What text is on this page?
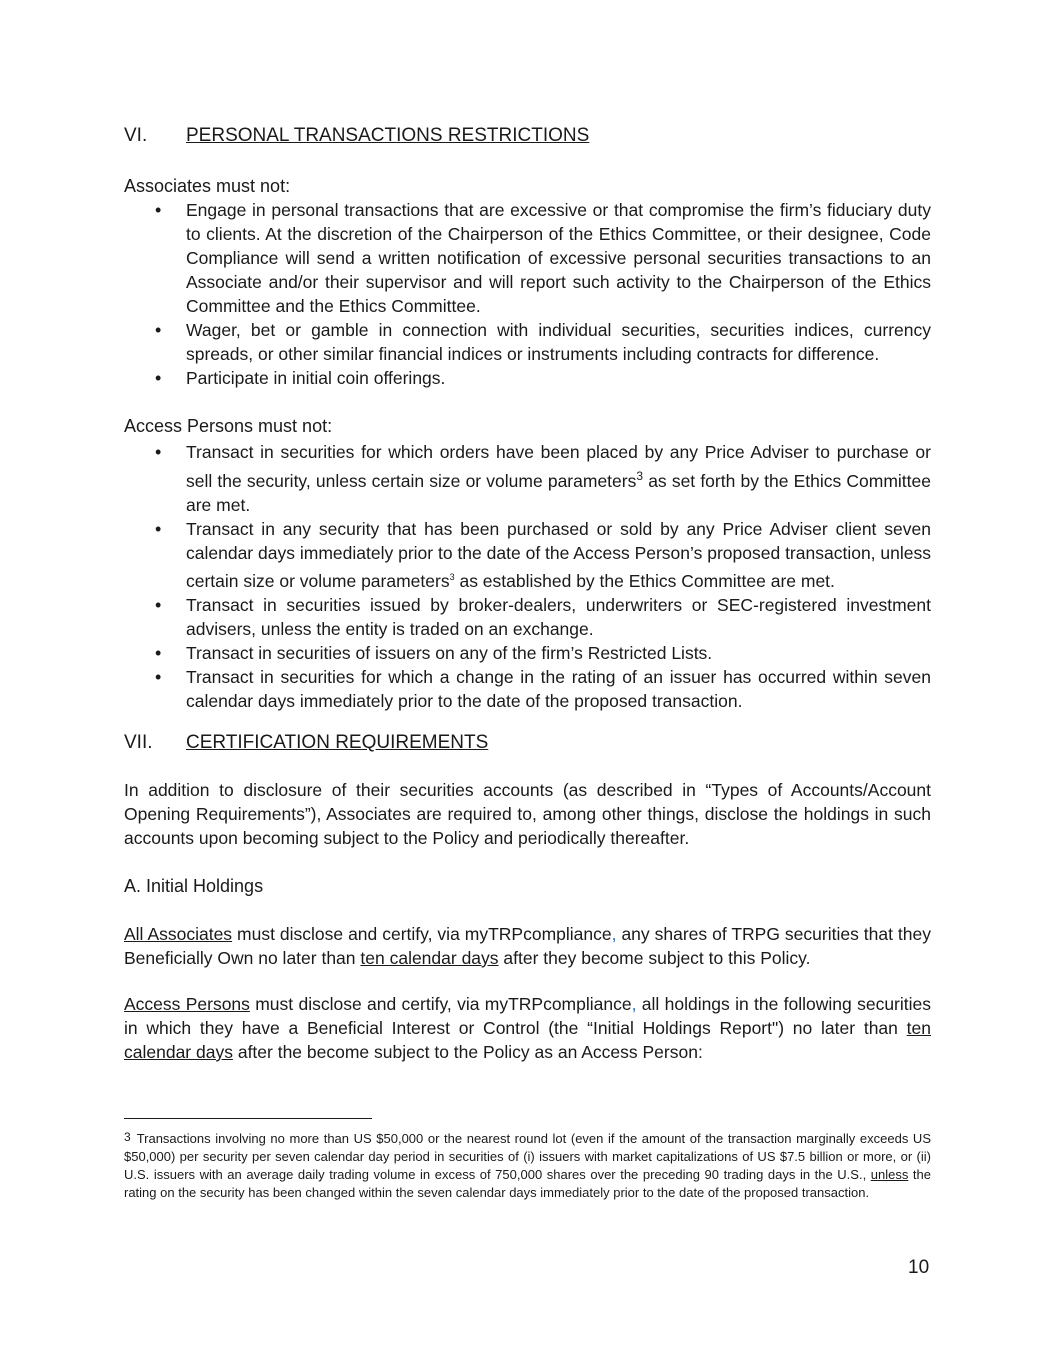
VI. PERSONAL TRANSACTIONS RESTRICTIONS
Associates must not:
• Engage in personal transactions that are excessive or that compromise the firm’s fiduciary duty to clients. At the discretion of the Chairperson of the Ethics Committee, or their designee, Code Compliance will send a written notification of excessive personal securities transactions to an Associate and/or their supervisor and will report such activity to the Chairperson of the Ethics Committee and the Ethics Committee.
• Wager, bet or gamble in connection with individual securities, securities indices, currency spreads, or other similar financial indices or instruments including contracts for difference.
• Participate in initial coin offerings.
Access Persons must not:
• Transact in securities for which orders have been placed by any Price Adviser to purchase or sell the security, unless certain size or volume parameters$^3$ as set forth by the Ethics Committee are met.
• Transact in any security that has been purchased or sold by any Price Adviser client seven calendar days immediately prior to the date of the Access Person’s proposed transaction, unless certain size or volume parameters$^3$ as established by the Ethics Committee are met.
• Transact in securities issued by broker-dealers, underwriters or SEC-registered investment advisers, unless the entity is traded on an exchange.
• Transact in securities of issuers on any of the firm’s Restricted Lists.
• Transact in securities for which a change in the rating of an issuer has occurred within seven calendar days immediately prior to the date of the proposed transaction.
VII. CERTIFICATION REQUIREMENTS
In addition to disclosure of their securities accounts (as described in “Types of Accounts/Account Opening Requirements”), Associates are required to, among other things, disclose the holdings in such accounts upon becoming subject to the Policy and periodically thereafter.
A. Initial Holdings
All Associates must disclose and certify, via myTRPcompliance, any shares of TRPG securities that they Beneficially Own no later than ten calendar days after they become subject to this Policy.
Access Persons must disclose and certify, via myTRPcompliance, all holdings in the following securities in which they have a Beneficial Interest or Control (the “Initial Holdings Report") no later than ten calendar days after the become subject to the Policy as an Access Person:
$^3$ Transactions involving no more than US $50,000 or the nearest round lot (even if the amount of the transaction marginally exceeds US $50,000) per security per seven calendar day period in securities of (i) issuers with market capitalizations of US $7.5 billion or more, or (ii) U.S. issuers with an average daily trading volume in excess of 750,000 shares over the preceding 90 trading days in the U.S., unless the rating on the security has been changed within the seven calendar days immediately prior to the date of the proposed transaction.
10
